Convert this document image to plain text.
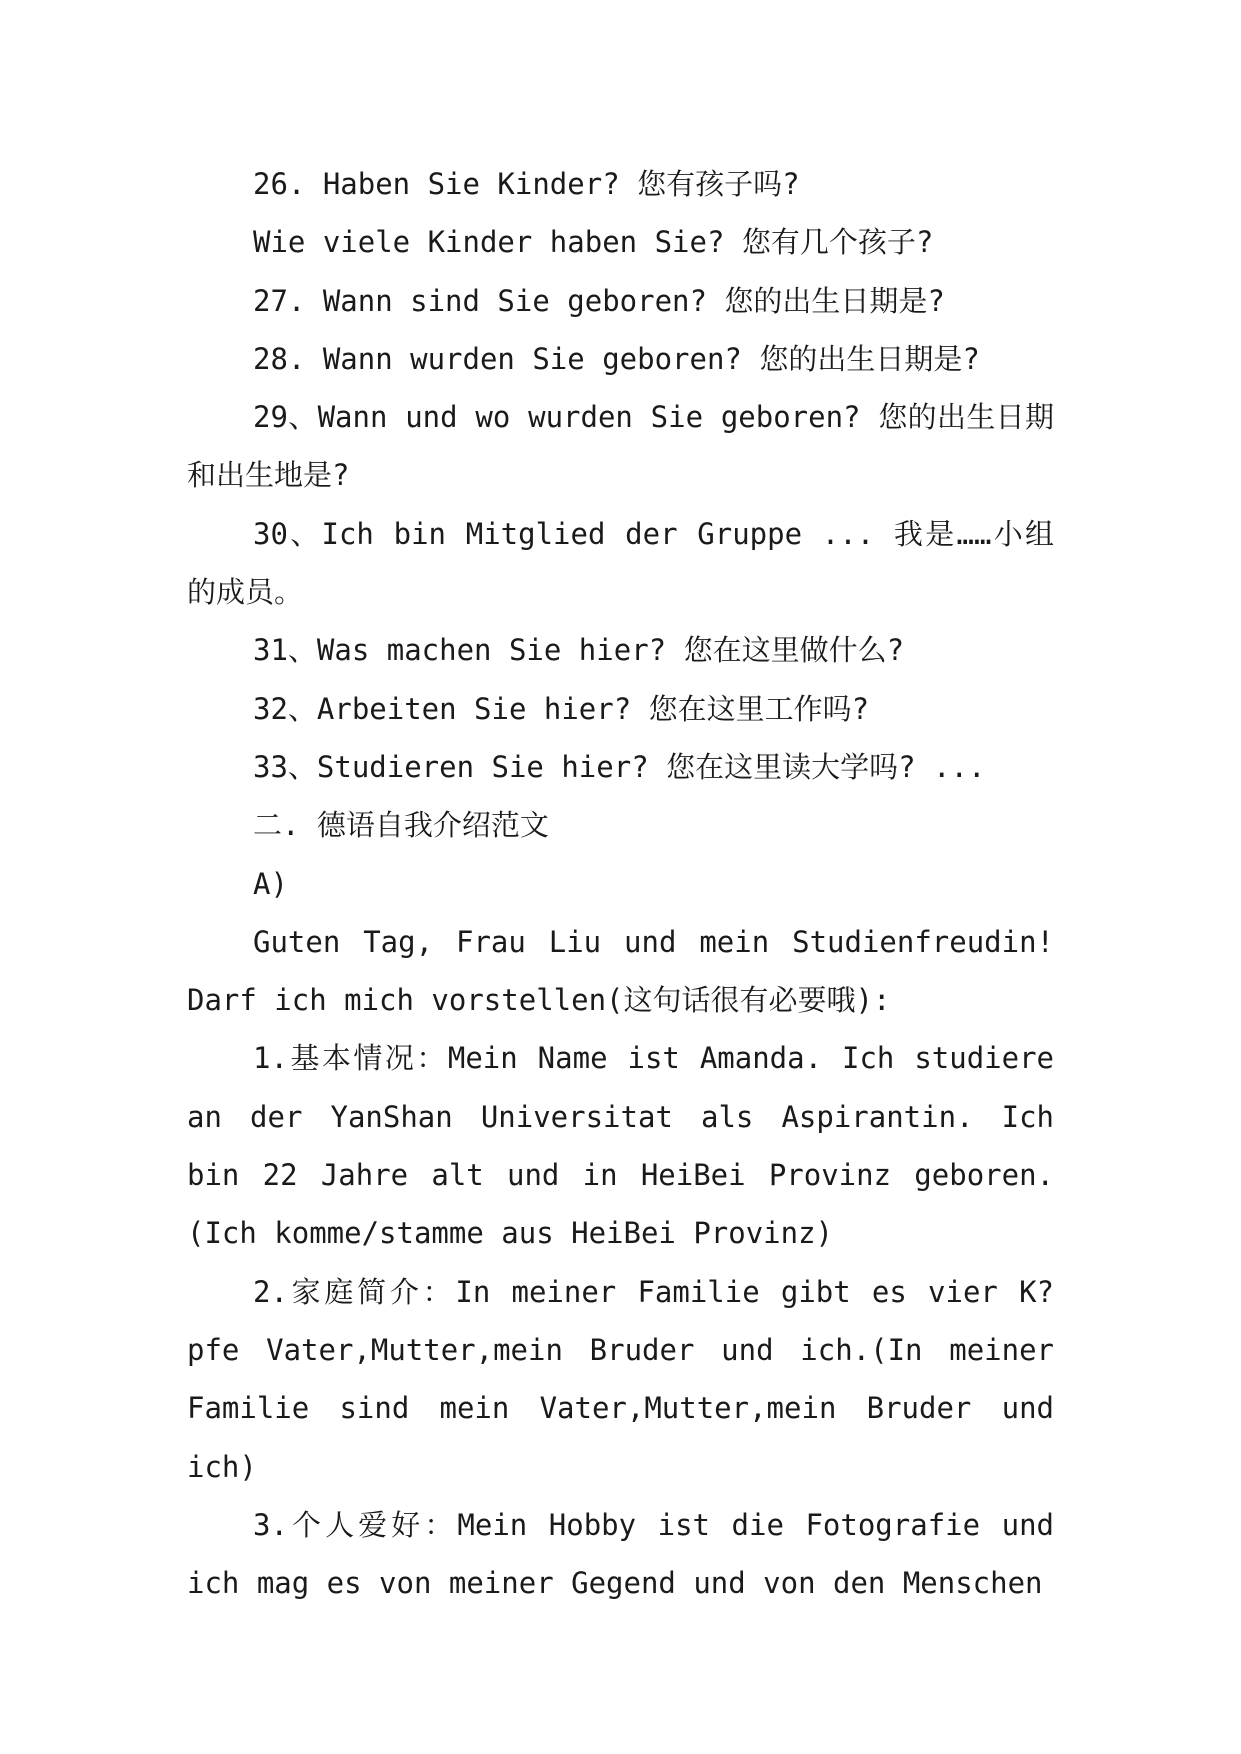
26. Haben Sie Kinder? 您有孩子吗?

Wie viele Kinder haben Sie? 您有几个孩子?

27. Wann sind Sie geboren? 您的出生日期是?

28. Wann wurden Sie geboren? 您的出生日期是?

29、Wann und wo wurden Sie geboren? 您的出生日期和出生地是?

30、Ich bin Mitglied der Gruppe ... 我是……小组的成员。

31、Was machen Sie hier? 您在这里做什么?

32、Arbeiten Sie hier? 您在这里工作吗?

33、Studieren Sie hier? 您在这里读大学吗? ...

二. 德语自我介绍范文

A)

Guten Tag, Frau Liu und mein Studienfreudin! Darf ich mich vorstellen(这句话很有必要哦):

1.基本情况：Mein Name ist Amanda. Ich studiere an der YanShan Universitat als Aspirantin. Ich bin 22 Jahre alt und in HeiBei Provinz geboren. (Ich komme/stamme aus HeiBei Provinz)

2.家庭简介：In meiner Familie gibt es vier K?pfe Vater,Mutter,mein Bruder und ich.(In meiner Familie sind mein Vater,Mutter,mein Bruder und ich)

3.个人爱好：Mein Hobby ist die Fotografie und ich mag es von meiner Gegend und von den Menschen
